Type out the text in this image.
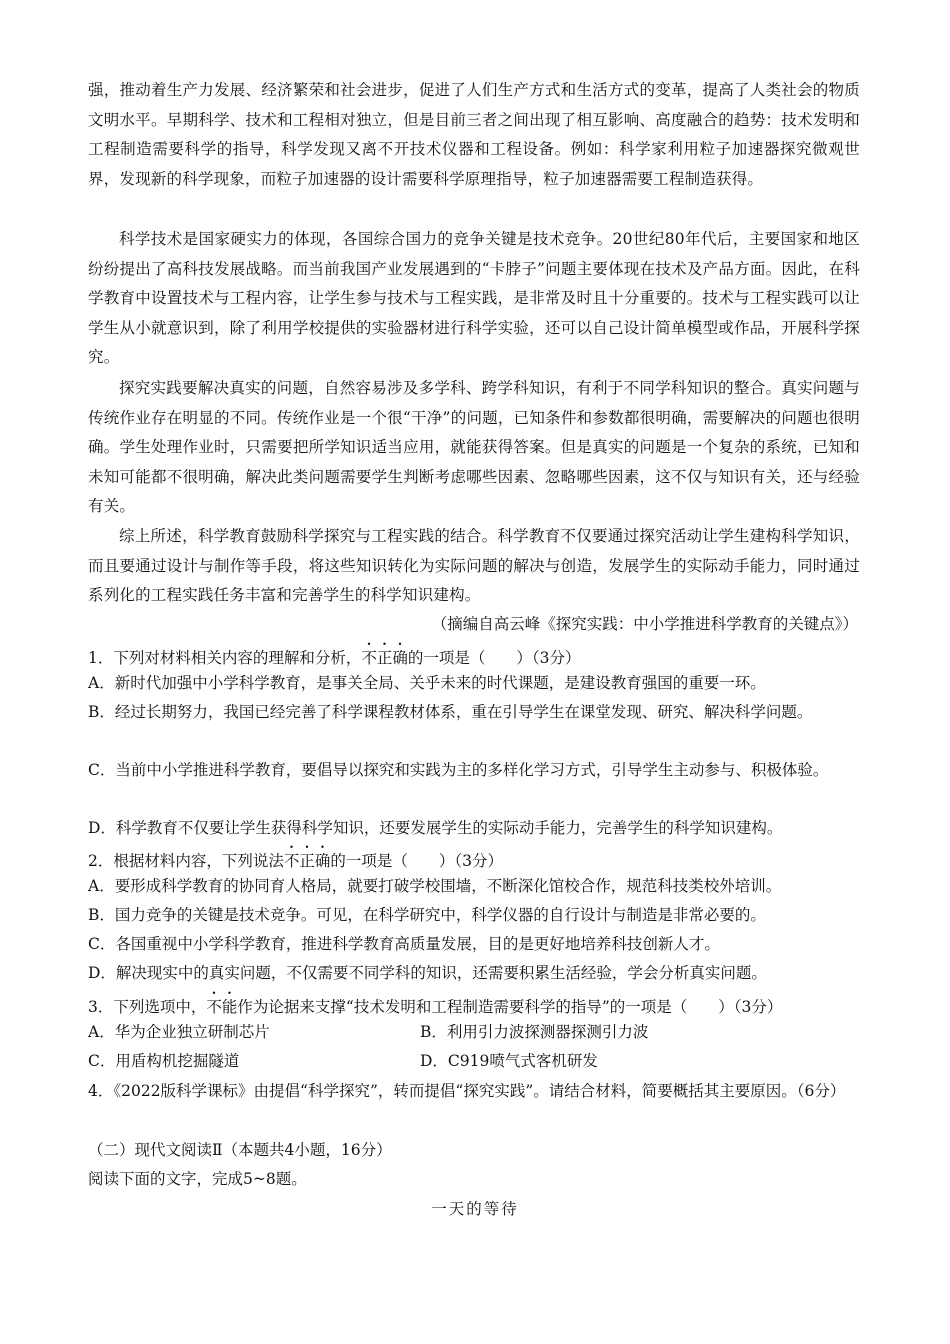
强，推动着生产力发展、经济繁荣和社会进步，促进了人们生产方式和生活方式的变革，提高了人类社会的物质文明水平。早期科学、技术和工程相对独立，但是目前三者之间出现了相互影响、高度融合的趋势：技术发明和工程制造需要科学的指导，科学发现又离不开技术仪器和工程设备。例如：科学家利用粒子加速器探究微观世界，发现新的科学现象，而粒子加速器的设计需要科学原理指导，粒子加速器需要工程制造获得。

科学技术是国家硬实力的体现，各国综合国力的竞争关键是技术竞争。20世纪80年代后，主要国家和地区纷纷提出了高科技发展战略。而当前我国产业发展遇到的“卡脖子”问题主要体现在技术及产品方面。因此，在科学教育中设置技术与工程内容，让学生参与技术与工程实践，是非常及时且十分重要的。技术与工程实践可以让学生从小就意识到，除了利用学校提供的实验器材进行科学实验，还可以自己设计简单模型或作品，开展科学探究。

探究实践要解决真实的问题，自然容易涉及多学科、跨学科知识，有利于不同学科知识的整合。真实问题与传统作业存在明显的不同。传统作业是一个很“干净”的问题，已知条件和参数都很明确，需要解决的问题也很明确。学生处理作业时，只需要把所学知识适当应用，就能获得答案。但是真实的问题是一个复杂的系统，已知和未知可能都不很明确，解决此类问题需要学生判断考虑哪些因素、忽略哪些因素，这不仅与知识有关，还与经验有关。

综上所述，科学教育鼓励科学探究与工程实践的结合。科学教育不仅要通过探究活动让学生建构科学知识，而且要通过设计与制作等手段，将这些知识转化为实际问题的解决与创造，发展学生的实际动手能力，同时通过系列化的工程实践任务丰富和完善学生的科学知识建构。

（摘编自高云峰《探究实践：中小学推进科学教育的关键点》）
1．下列对材料相关内容的理解和分析，不正确的一项是（　　）（3分）
A．新时代加强中小学科学教育，是事关全局、关乎未来的时代课题，是建设教育强国的重要一环。
B．经过长期努力，我国已经完善了科学课程教材体系，重在引导学生在课堂发现、研究、解决科学问题。
C．当前中小学推进科学教育，要倡导以探究和实践为主的多样化学习方式，引导学生主动参与、积极体验。
D．科学教育不仅要让学生获得科学知识，还要发展学生的实际动手能力，完善学生的科学知识建构。
2．根据材料内容，下列说法不正确的一项是（　　）（3分）
A．要形成科学教育的协同育人格局，就要打破学校围墙，不断深化馆校合作，规范科技类校外培训。
B．国力竞争的关键是技术竞争。可见，在科学研究中，科学仪器的自行设计与制造是非常必要的。
C．各国重视中小学科学教育，推进科学教育高质量发展，目的是更好地培养科技创新人才。
D．解决现实中的真实问题，不仅需要不同学科的知识，还需要积累生活经验，学会分析真实问题。
3．下列选项中，不能作为论据来支撑“技术发明和工程制造需要科学的指导”的一项是（　　）（3分）
A．华为企业独立研制芯片	B．利用引力波探测器探测引力波
C．用盾构机挖掘隧道	D．C919喷气式客机研发
4．《2022版科学课标》由提倡“科学探究”，转而提倡“探究实践”。请结合材料，简要概括其主要原因。（6分）
（二）现代文阅读Ⅱ（本题共4小题，16分）
阅读下面的文字，完成5~8题。
一天的等待
